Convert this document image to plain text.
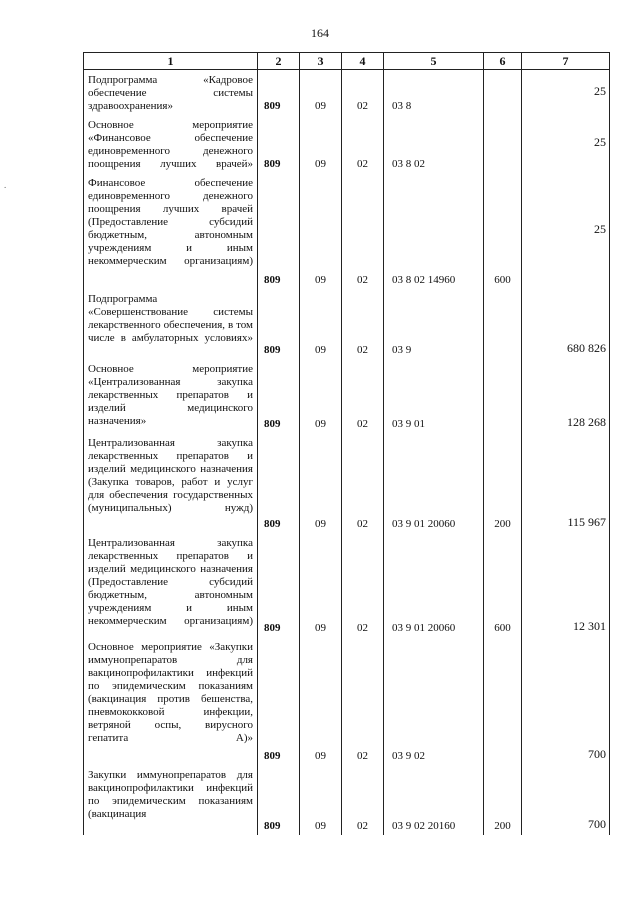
164
1	2	3	4	5	6	7
Подпрограмма «Кадровое обеспечение системы здравоохранения»	809	09	02	03 8		25
Основное мероприятие «Финансовое обеспечение единовременного денежного поощрения лучших врачей»	809	09	02	03 8 02		25
Финансовое обеспечение единовременного денежного поощрения лучших врачей (Предоставление субсидий бюджетным, автономным учреждениям и иным некоммерческим организациям)	809	09	02	03 8 02 14960	600	25
Подпрограмма «Совершенствование системы лекарственного обеспечения, в том числе в амбулаторных условиях»	809	09	02	03 9		680 826
Основное мероприятие «Централизованная закупка лекарственных препаратов и изделий медицинского назначения»	809	09	02	03 9 01		128 268
Централизованная закупка лекарственных препаратов и изделий медицинского назначения (Закупка товаров, работ и услуг для обеспечения государственных (муниципальных) нужд)	809	09	02	03 9 01 20060	200	115 967
Централизованная закупка лекарственных препаратов и изделий медицинского назначения (Предоставление субсидий бюджетным, автономным учреждениям и иным некоммерческим организациям)	809	09	02	03 9 01 20060	600	12 301
Основное мероприятие «Закупки иммунопрепаратов для вакцинопрофилактики инфекций по эпидемическим показаниям (вакцинация против бешенства, пневмококковой инфекции, ветряной оспы, вирусного гепатита А)»	809	09	02	03 9 02		700
Закупки иммунопрепаратов для вакцинопрофилактики инфекций по эпидемическим показаниям (вакцинация	809	09	02	03 9 02 20160	200	700
.
